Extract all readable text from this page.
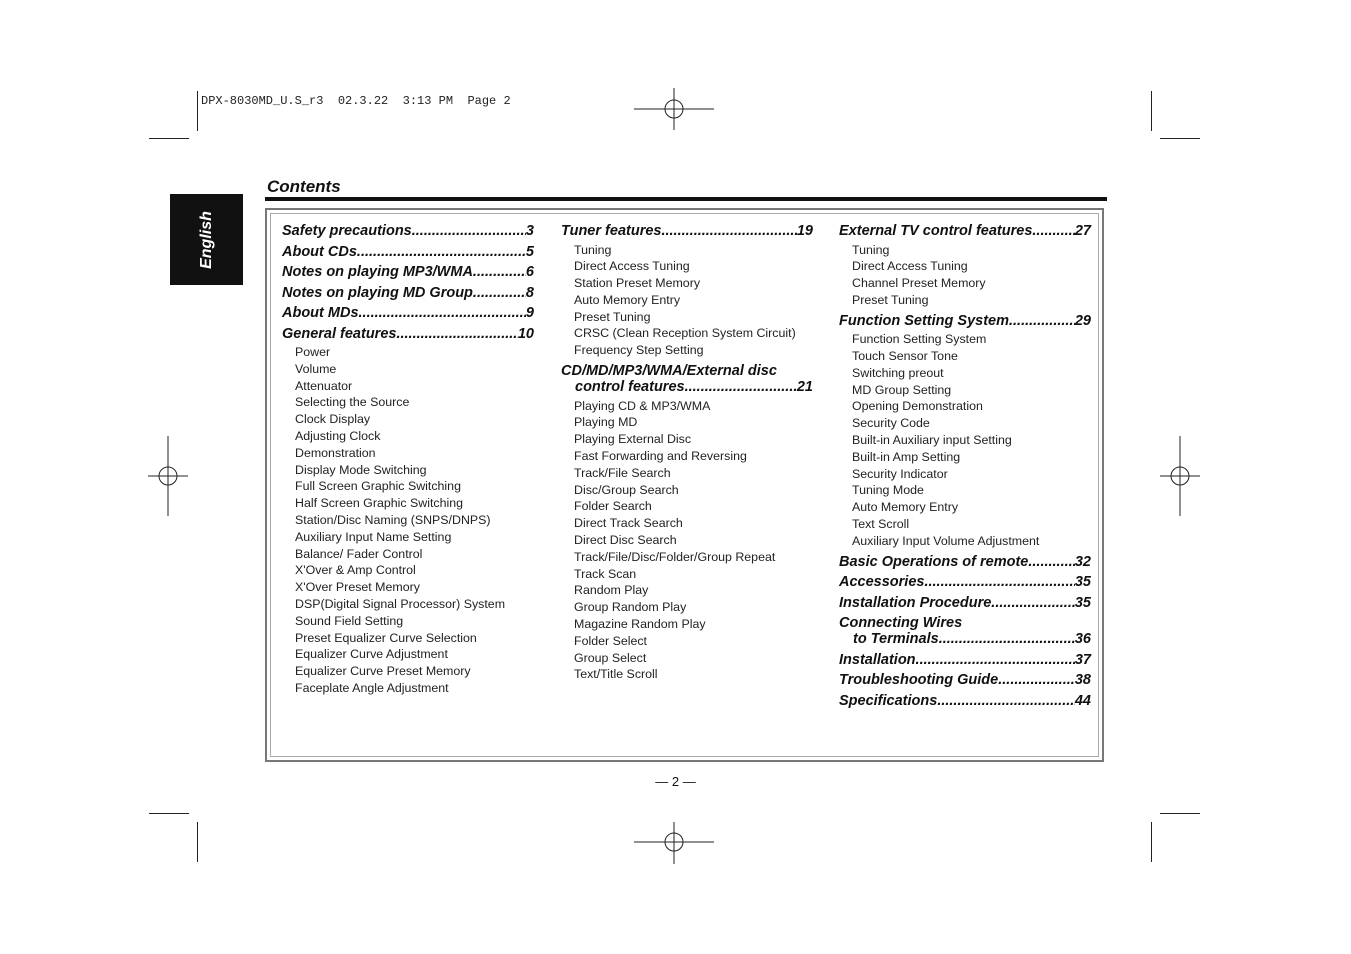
DPX-8030MD_U.S_r3  02.3.22  3:13 PM  Page 2
English
Contents
Safety precautions .....	3
About CDs .....	5
Notes on playing MP3/WMA .....	6
Notes on playing MD Group .....	8
About MDs .....	9
General features .....	10
Power
Volume
Attenuator
Selecting the Source
Clock Display
Adjusting Clock
Demonstration
Display Mode Switching
Full Screen Graphic Switching
Half Screen Graphic Switching
Station/Disc Naming (SNPS/DNPS)
Auxiliary Input Name Setting
Balance/ Fader Control
X'Over & Amp Control
X'Over Preset Memory
DSP(Digital Signal Processor) System
Sound Field Setting
Preset Equalizer Curve Selection
Equalizer Curve Adjustment
Equalizer Curve Preset Memory
Faceplate Angle Adjustment
Tuner features .....	19
Tuning
Direct Access Tuning
Station Preset Memory
Auto Memory Entry
Preset Tuning
CRSC (Clean Reception System Circuit)
Frequency Step Setting
CD/MD/MP3/WMA/External disc
control features .....	21
Playing CD & MP3/WMA
Playing MD
Playing External Disc
Fast Forwarding and Reversing
Track/File Search
Disc/Group Search
Folder Search
Direct Track Search
Direct Disc Search
Track/File/Disc/Folder/Group Repeat
Track Scan
Random Play
Group Random Play
Magazine Random Play
Folder Select
Group Select
Text/Title Scroll
External TV control features .....	27
Tuning
Direct Access Tuning
Channel Preset Memory
Preset Tuning
Function Setting System .....	29
Function Setting System
Touch Sensor Tone
Switching preout
MD Group Setting
Opening Demonstration
Security Code
Built-in Auxiliary input Setting
Built-in Amp Setting
Security Indicator
Tuning Mode
Auto Memory Entry
Text Scroll
Auxiliary Input Volume Adjustment
Basic Operations of remote .....	32
Accessories .....	35
Installation Procedure .....	35
Connecting Wires
to Terminals .....	36
Installation .....	37
Troubleshooting Guide .....	38
Specifications .....	44
— 2 —
